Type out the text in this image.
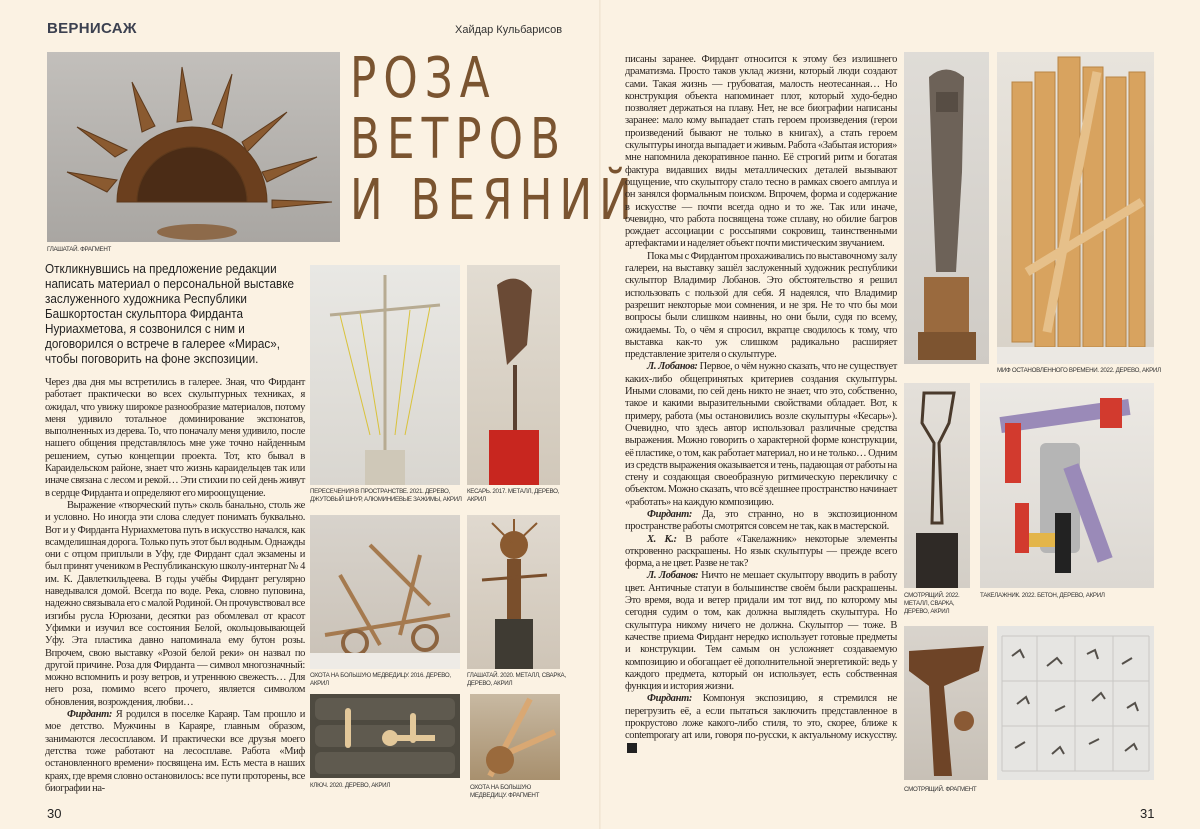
ВЕРНИСАЖ	Хайдар Кульбарисов
ГЛАШАТАЙ. ФРАГМЕНТ
РОЗА
ВЕТРОВ
И ВЕЯНИЙ
Откликнувшись на предложение редакции написать материал о персональной выставке заслуженного художника Республики Башкортостан скульптора Фирданта Нуриахметова, я созвонился с ним и договорился о встрече в галерее «Мирас», чтобы поговорить на фоне экспозиции.

Через два дня мы встретились в галерее. Зная, что Фирдант работает практически во всех скульптурных техниках, я ожидал, что увижу широкое разнообразие материалов, потому меня удивило тотальное доминирование экспонатов, выполненных из дерева. То, что поначалу меня удивило, после нашего общения представлялось мне уже точно найденным решением, сутью концепции проекта. Тот, кто бывал в Караидельском районе, знает что жизнь караидельцев так или иначе связана с лесом и рекой… Эти стихии по сей день живут в сердце Фирданта и определяют его мироощущение.

Выражение «творческий путь» сколь банально, столь же и условно. Но иногда эти слова следует понимать буквально. Вот и у Фирданта Нуриахметова путь в искусство начался, как всамделишная дорога. Только путь этот был водным. Однажды они с отцом приплыли в Уфу, где Фирдант сдал экзамены и был принят учеником в Республиканскую школу-интернат № 4 им. К. Давлеткильдеева. В годы учёбы Фирдант регулярно наведывался домой. Всегда по воде. Река, словно пуповина, надежно связывала его с малой Родиной. Он прочувствовал все изгибы русла Юрюзани, десятки раз обомлевал от красот Уфимки и изучил все состояния Белой, окольцовывающей Уфу. Эта пластика давно напоминала ему бутон розы. Впрочем, свою выставку «Розой белой реки» он назвал по другой причине. Роза для Фирданта — символ многозначный: можно вспомнить и розу ветров, и утреннюю свежесть… Для него роза, помимо всего прочего, является символом обновления, возрождения, любви…

Фирдант: Я родился в поселке Караяр. Там прошло и мое детство. Мужчины в Караяре, главным образом, занимаются лесосплавом. И практически все друзья моего детства тоже работают на лесосплаве. Работа «Миф остановленного времени» посвящена им. Есть места в наших краях, где время словно остановилось: все пути проторены, все биографии на-

ПЕРЕСЕЧЕНИЯ В ПРОСТРАНСТВЕ. 2021. ДЕРЕВО, ДЖУТОВЫЙ ШНУР, АЛЮМИНИЕВЫЕ ЗАЖИМЫ, АКРИЛ
КЕСАРЬ. 2017. МЕТАЛЛ, ДЕРЕВО, АКРИЛ
ОХОТА НА БОЛЬШУЮ МЕДВЕДИЦУ. 2016. ДЕРЕВО, АКРИЛ
ГЛАШАТАЙ. 2020. МЕТАЛЛ, СВАРКА, ДЕРЕВО, АКРИЛ
КЛЮЧ. 2020. ДЕРЕВО, АКРИЛ	ОХОТА НА БОЛЬШУЮ МЕДВЕДИЦУ. ФРАГМЕНТ
30

писаны заранее. Фирдант относится к этому без излишнего драматизма. Просто таков уклад жизни, который люди создают сами. Такая жизнь — грубоватая, малость неотесанная… Но конструкция объекта напоминает плот, который худо-бедно позволяет держаться на плаву. Нет, не все биографии написаны заранее: мало кому выпадает стать героем произведения (герои произведений бывают не только в книгах), а стать героем скульптуры иногда выпадает и живым. Работа «Забытая история» мне напомнила декоративное панно. Её строгий ритм и богатая фактура видавших виды металлических деталей вызывают ощущение, что скульптору стало тесно в рамках своего амплуа и он занялся формальным поиском. Впрочем, форма и содержание в искусстве — почти всегда одно и то же. Так или иначе, очевидно, что работа посвящена тоже сплаву, но обилие багров рождает ассоциации с россыпями сокровищ, таинственными артефактами и наделяет объект почти мистическим звучанием.

Пока мы с Фирдантом прохаживались по выставочному залу галереи, на выставку зашёл заслуженный художник республики скульптор Владимир Лобанов. Это обстоятельство я решил использовать с пользой для себя. Я надеялся, что Владимир разрешит некоторые мои сомнения, и не зря. Не то что бы мои вопросы были слишком наивны, но они были, судя по всему, ожидаемы. То, о чём я спросил, вкратце сводилось к тому, что выставка как-то уж слишком радикально расширяет представление зрителя о скульптуре.

Л. Лобанов: Первое, о чём нужно сказать, что не существует каких-либо общепринятых критериев создания скульптуры. Иными словами, по сей день никто не знает, что это, собственно, такое и какими выразительными свойствами обладает. Вот, к примеру, работа (мы остановились возле скульптуры «Кесарь»). Очевидно, что здесь автор использовал различные средства выражения. Можно говорить о характерной форме конструкции, её пластике, о том, как работает материал, но и не только… Одним из средств выражения оказывается и тень, падающая от работы на стену и создающая своеобразную ритмическую перекличку с объектом. Можно сказать, что всё здешнее пространство начинает «работать» на каждую композицию.

Фирдант: Да, это странно, но в экспозиционном пространстве работы смотрятся совсем не так, как в мастерской.

Х. К.: В работе «Такелажник» некоторые элементы откровенно раскрашены. Но язык скульптуры — прежде всего форма, а не цвет. Разве не так?

Л. Лобанов: Ничто не мешает скульптору вводить в работу цвет. Античные статуи в большинстве своём были раскрашены. Это время, вода и ветер придали им тот вид, по которому мы сегодня судим о том, как должна выглядеть скульптура. Но скульптура никому ничего не должна. Скульптор — тоже. В качестве приема Фирдант нередко использует готовые предметы и конструкции. Тем самым он усложняет создаваемую композицию и обогащает её дополнительной энергетикой: ведь у каждого предмета, который он использует, есть собственная функция и история жизни.

Фирдант: Компонуя экспозицию, я стремился не перегрузить её, а если пытаться заключить представленное в прокрустово ложе какого-либо стиля, то это, скорее, ближе к contemporary art или, говоря по-русски, к актуальному искусству.

МИФ ОСТАНОВЛЕННОГО ВРЕМЕНИ. 2022. ДЕРЕВО, АКРИЛ
СМОТРЯЩИЙ. 2022. МЕТАЛЛ, СВАРКА, ДЕРЕВО, АКРИЛ
ТАКЕЛАЖНИК. 2022. БЕТОН, ДЕРЕВО, АКРИЛ
СМОТРЯЩИЙ. ФРАГМЕНТ
31
